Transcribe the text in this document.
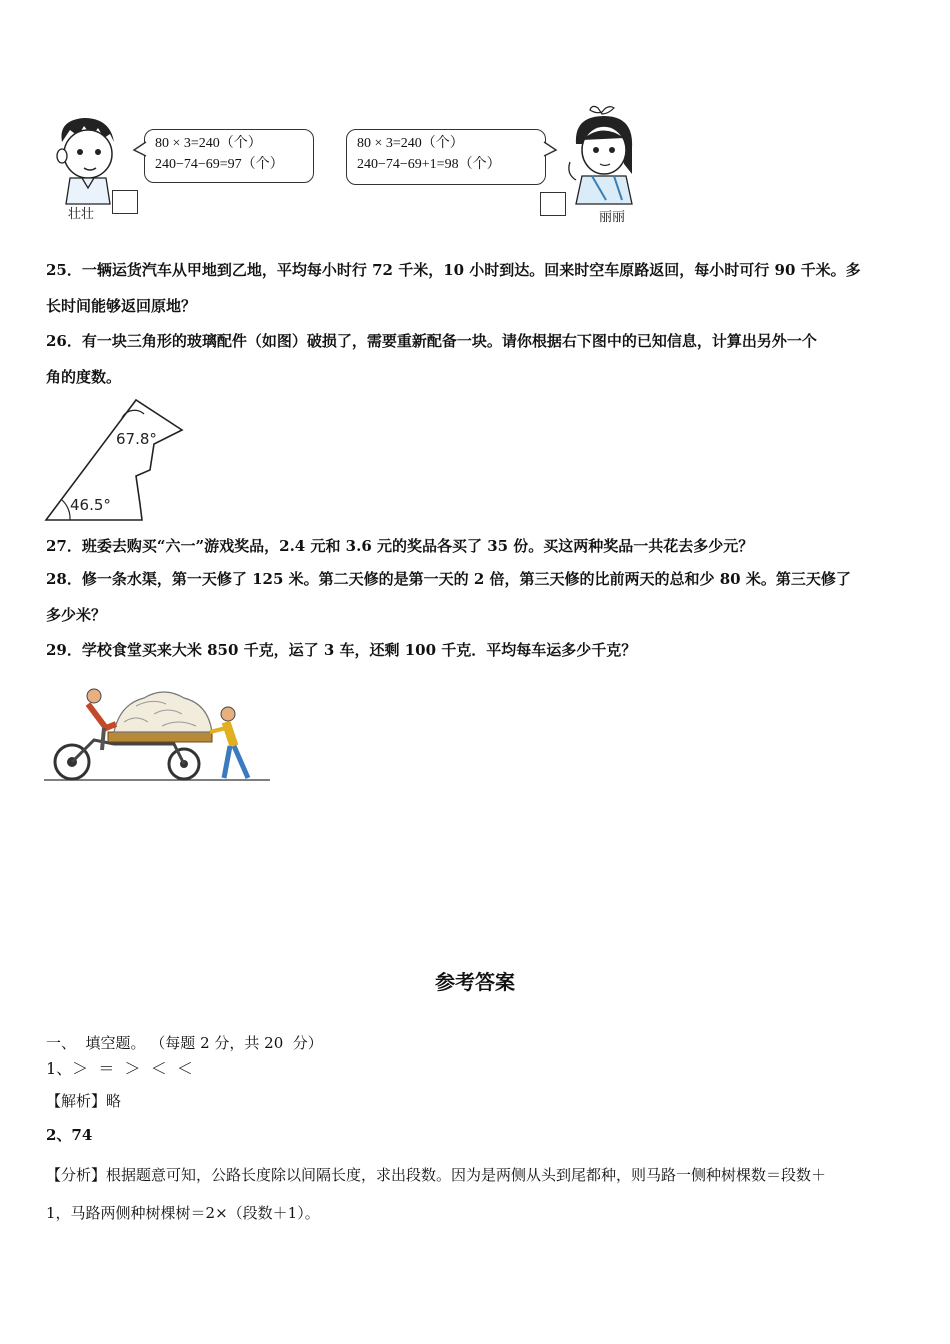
壮壮
80 × 3=240（个）
240−74−69=97（个）
80 × 3=240（个）
240−74−69+1=98（个）
丽丽
25．一辆运货汽车从甲地到乙地，平均每小时行 72 千米，10 小时到达。回来时空车原路返回，每小时可行 90 千米。多
长时间能够返回原地？
26．有一块三角形的玻璃配件（如图）破损了，需要重新配备一块。请你根据右下图中的已知信息，计算出另外一个
角的度数。
67.8°
46.5°
27．班委去购买“六一”游戏奖品，2.4 元和 3.6 元的奖品各买了 35 份。买这两种奖品一共花去多少元？
28．修一条水渠，第一天修了 125 米。第二天修的是第一天的 2 倍，第三天修的比前两天的总和少 80 米。第三天修了
多少米？
29．学校食堂买来大米 850 千克，运了 3 车，还剩 100 千克．平均每车运多少千克？
参考答案
一、  填空题。 （每题 2 分，共 20  分）
1、＞  ＝  ＞  ＜  ＜
【解析】略
2、74
【分析】根据题意可知，公路长度除以间隔长度，求出段数。因为是两侧从头到尾都种，则马路一侧种树棵数＝段数＋
1，马路两侧种树棵树＝2×（段数＋1）。
